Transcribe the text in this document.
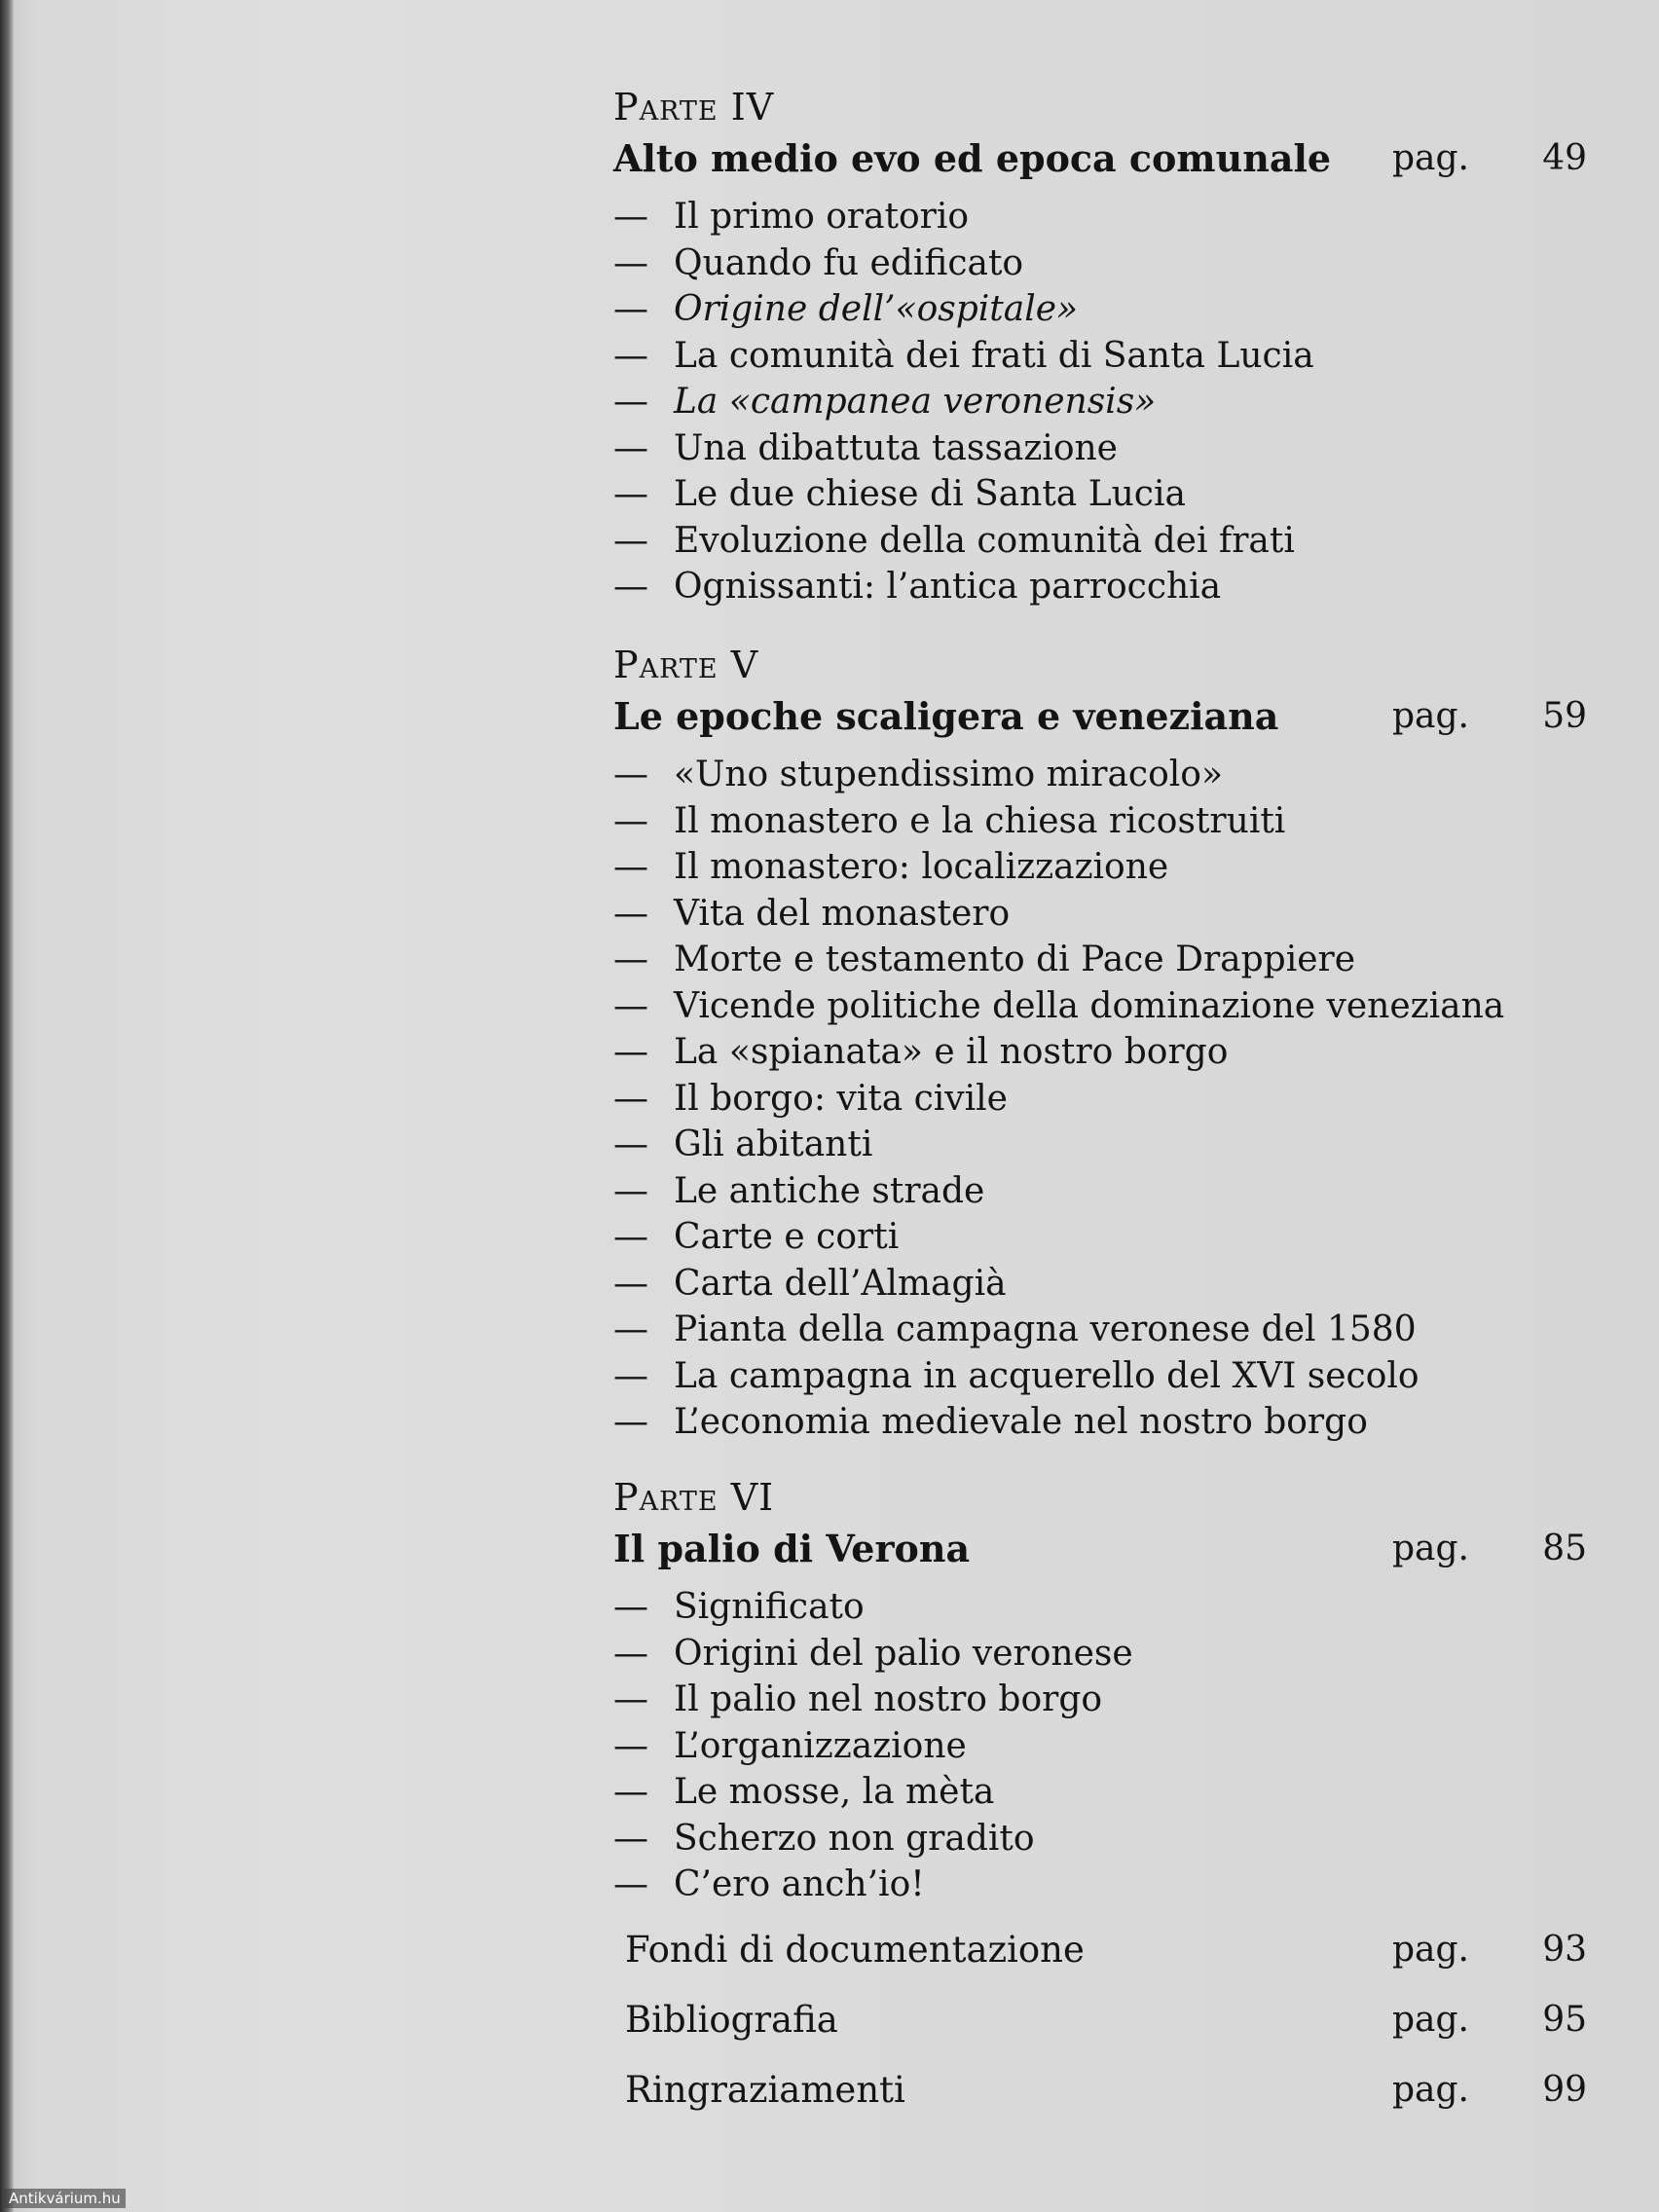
Parte IV
Alto medio evo ed epoca comunale pag. 49
— Il primo oratorio
— Quando fu edificato
— Origine dell’«ospitale»
— La comunità dei frati di Santa Lucia
— La «campanea veronensis»
— Una dibattuta tassazione
— Le due chiese di Santa Lucia
— Evoluzione della comunità dei frati
— Ognissanti: l’antica parrocchia
Parte V
Le epoche scaligera e veneziana	pag. 59
— «Uno stupendissimo miracolo»
— Il monastero e la chiesa ricostruiti
— Il monastero: localizzazione
— Vita del monastero
— Morte e testamento di Pace Drappiere
— Vicende politiche della dominazione veneziana
— La «spianata» e il nostro borgo
— Il borgo: vita civile
— Gli abitanti
— Le antiche strade
— Carte e corti
— Carta dell’Almagià
— Pianta della campagna veronese del 1580
— La campagna in acquerello del XVI secolo
— L’economia medievale nel nostro borgo
Parte VI
Il palio di Verona	pag. 85
— Significato
— Origini del palio veronese
— Il palio nel nostro borgo
— L’organizzazione
— Le mosse, la mèta
— Scherzo non gradito
— C’ero anch’io!
Fondi di documentazione	pag. 93
Bibliografia	pag. 95
Ringraziamenti	pag. 99
Antikvárium.hu
